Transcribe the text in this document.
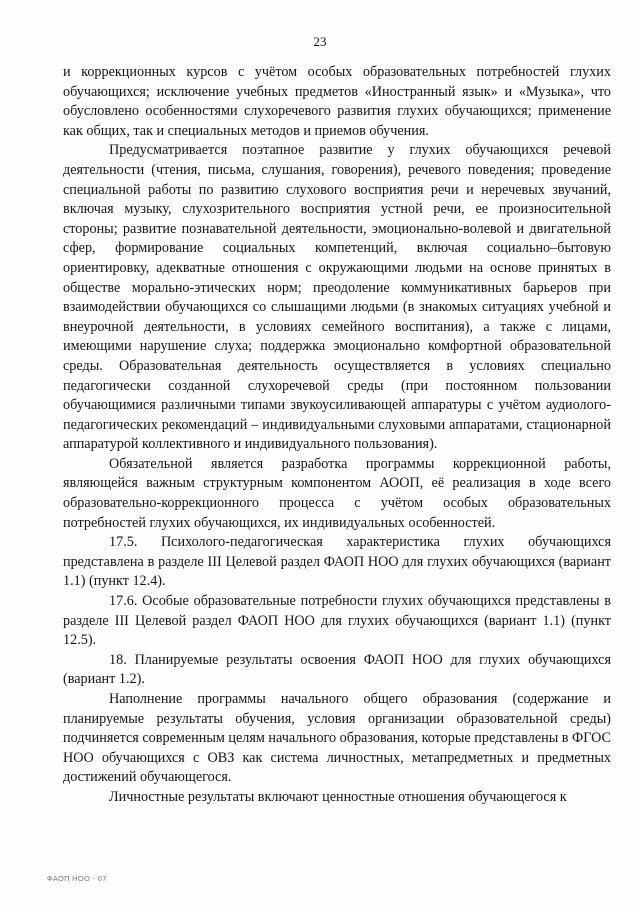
23

и коррекционных курсов с учётом особых образовательных потребностей глухих обучающихся; исключение учебных предметов «Иностранный язык» и «Музыка», что обусловлено особенностями слухоречевого развития глухих обучающихся; применение как общих, так и специальных методов и приемов обучения.

Предусматривается поэтапное развитие у глухих обучающихся речевой деятельности (чтения, письма, слушания, говорения), речевого поведения; проведение специальной работы по развитию слухового восприятия речи и неречевых звучаний, включая музыку, слухозрительного восприятия устной речи, ее произносительной стороны; развитие познавательной деятельности, эмоционально-волевой и двигательной сфер, формирование социальных компетенций, включая социально–бытовую ориентировку, адекватные отношения с окружающими людьми на основе принятых в обществе морально-этических норм; преодоление коммуникативных барьеров при взаимодействии обучающихся со слышащими людьми (в знакомых ситуациях учебной и внеурочной деятельности, в условиях семейного воспитания), а также с лицами, имеющими нарушение слуха; поддержка эмоционально комфортной образовательной среды. Образовательная деятельность осуществляется в условиях специально педагогически созданной слухоречевой среды (при постоянном пользовании обучающимися различными типами звукоусиливающей аппаратуры с учётом аудиолого-педагогических рекомендаций – индивидуальными слуховыми аппаратами, стационарной аппаратурой коллективного и индивидуального пользования).

Обязательной является разработка программы коррекционной работы, являющейся важным структурным компонентом АООП, её реализация в ходе всего образовательно-коррекционного процесса с учётом особых образовательных потребностей глухих обучающихся, их индивидуальных особенностей.

17.5. Психолого-педагогическая характеристика глухих обучающихся представлена в разделе III Целевой раздел ФАОП НОО для глухих обучающихся (вариант 1.1) (пункт 12.4).

17.6. Особые образовательные потребности глухих обучающихся представлены в разделе III Целевой раздел ФАОП НОО для глухих обучающихся (вариант 1.1) (пункт 12.5).

18. Планируемые результаты освоения ФАОП НОО для глухих обучающихся (вариант 1.2).

Наполнение программы начального общего образования (содержание и планируемые результаты обучения, условия организации образовательной среды) подчиняется современным целям начального образования, которые представлены в ФГОС НОО обучающихся с ОВЗ как система личностных, метапредметных и предметных достижений обучающегося.

Личностные результаты включают ценностные отношения обучающегося к

ФАОП НОО - 07
